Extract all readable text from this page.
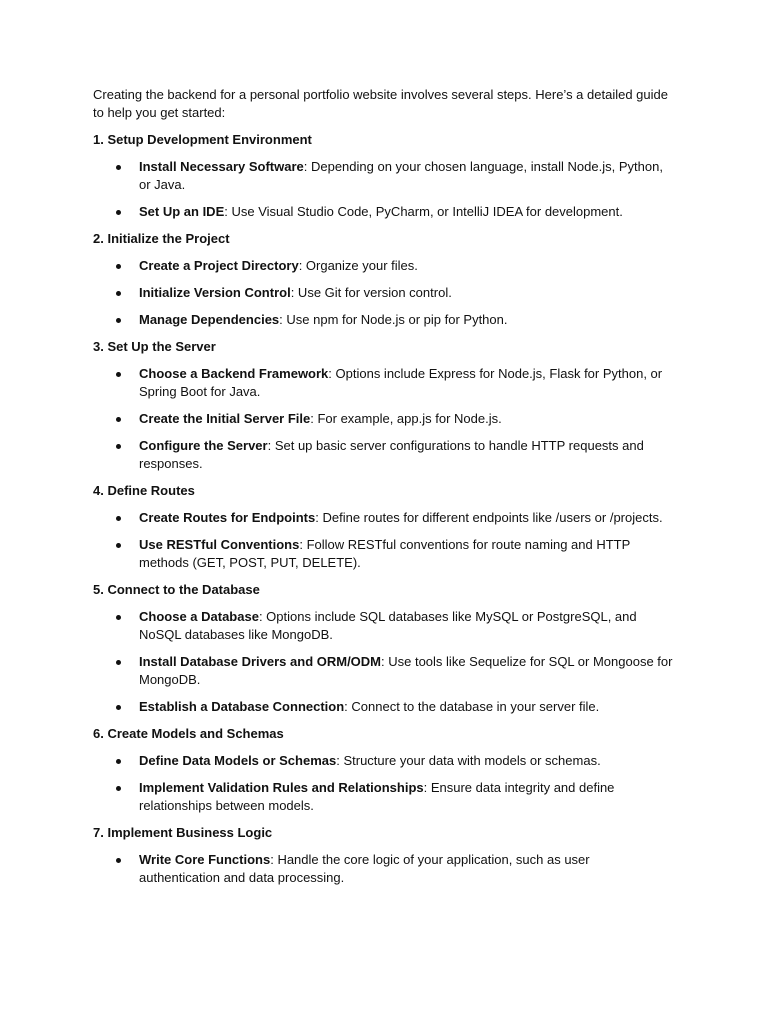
Creating the backend for a personal portfolio website involves several steps. Here’s a detailed guide to help you get started:

1. Setup Development Environment
Install Necessary Software: Depending on your chosen language, install Node.js, Python, or Java.
Set Up an IDE: Use Visual Studio Code, PyCharm, or IntelliJ IDEA for development.
2. Initialize the Project
Create a Project Directory: Organize your files.
Initialize Version Control: Use Git for version control.
Manage Dependencies: Use npm for Node.js or pip for Python.
3. Set Up the Server
Choose a Backend Framework: Options include Express for Node.js, Flask for Python, or Spring Boot for Java.
Create the Initial Server File: For example, app.js for Node.js.
Configure the Server: Set up basic server configurations to handle HTTP requests and responses.
4. Define Routes
Create Routes for Endpoints: Define routes for different endpoints like /users or /projects.
Use RESTful Conventions: Follow RESTful conventions for route naming and HTTP methods (GET, POST, PUT, DELETE).
5. Connect to the Database
Choose a Database: Options include SQL databases like MySQL or PostgreSQL, and NoSQL databases like MongoDB.
Install Database Drivers and ORM/ODM: Use tools like Sequelize for SQL or Mongoose for MongoDB.
Establish a Database Connection: Connect to the database in your server file.
6. Create Models and Schemas
Define Data Models or Schemas: Structure your data with models or schemas.
Implement Validation Rules and Relationships: Ensure data integrity and define relationships between models.
7. Implement Business Logic
Write Core Functions: Handle the core logic of your application, such as user authentication and data processing.
